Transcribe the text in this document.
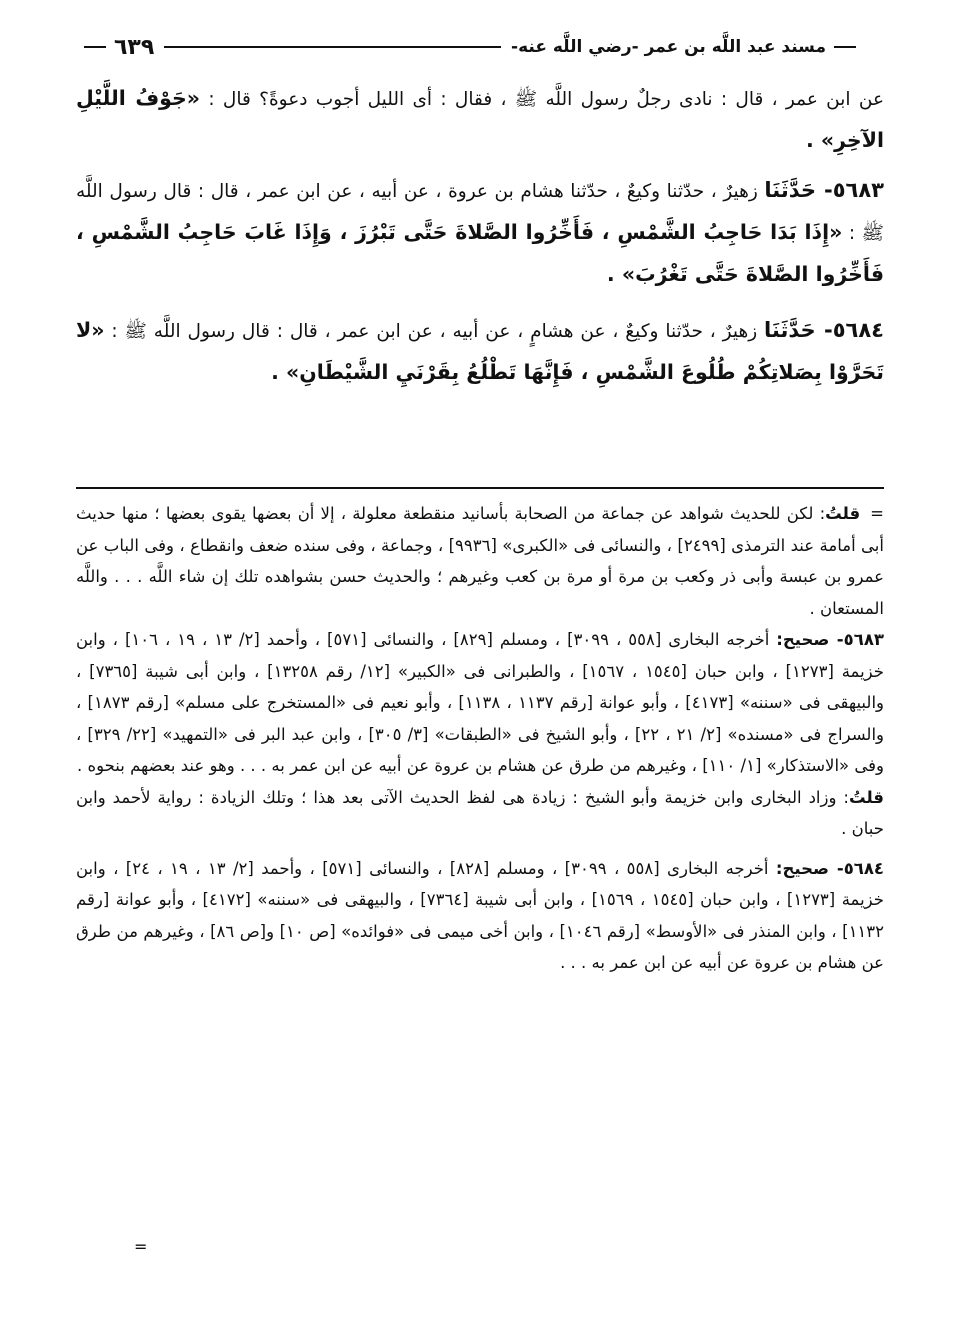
مسند عبد اللَّه بن عمر -رضي اللَّه عنه-
٦٣٩

عن ابن عمر ، قال : نادى رجلٌ رسول اللَّه ﷺ ، فقال : أى الليل أجوب دعوةً؟ قال : «جَوْفُ اللَّيْلِ الآخِرِ» .

٥٦٨٣- حَدَّثَنَا زهيرٌ ، حدّثنا وكيعٌ ، حدّثنا هشام بن عروة ، عن أبيه ، عن ابن عمر ، قال : قال رسول اللَّه ﷺ : «إِذَا بَدَا حَاجِبُ الشَّمْسِ ، فَأَخِّرُوا الصَّلاةَ حَتَّى تَبْرُزَ ، وَإِذَا غَابَ حَاجِبُ الشَّمْسِ ، فَأَخِّرُوا الصَّلاةَ حَتَّى تَغْرُبَ» .

٥٦٨٤- حَدَّثَنَا زهيرٌ ، حدّثنا وكيعٌ ، عن هشامٍ ، عن أبيه ، عن ابن عمر ، قال : قال رسول اللَّه ﷺ : «لا تَحَرَّوْا بِصَلاتِكُمْ طُلُوعَ الشَّمْسِ ، فَإِنَّهَا تَطْلُعُ بِقَرْنَيِ الشَّيْطَانِ» .

=قلتُ: لكن للحديث شواهد عن جماعة من الصحابة بأسانيد منقطعة معلولة ، إلا أن بعضها يقوى بعضها ؛ منها حديث أبى أمامة عند الترمذى [٢٤٩٩] ، والنسائى فى «الكبرى» [٩٩٣٦] ، وجماعة ، وفى سنده ضعف وانقطاع ، وفى الباب عن عمرو بن عبسة وأبى ذر وكعب بن مرة أو مرة بن كعب وغيرهم ؛ والحديث حسن بشواهده تلك إن شاء اللَّه . . . واللَّه المستعان .

٥٦٨٣- صحيح: أخرجه البخارى [٥٥٨ ، ٣٠٩٩] ، ومسلم [٨٢٩] ، والنسائى [٥٧١] ، وأحمد [٢/ ١٣ ، ١٩ ، ١٠٦] ، وابن خزيمة [١٢٧٣] ، وابن حبان [١٥٤٥ ، ١٥٦٧] ، والطبرانى فى «الكبير» [١٢/ رقم ١٣٢٥٨] ، وابن أبى شيبة [٧٣٦٥] ، والبيهقى فى «سننه» [٤١٧٣] ، وأبو عوانة [رقم ١١٣٧ ، ١١٣٨] ، وأبو نعيم فى «المستخرج على مسلم» [رقم ١٨٧٣] ، والسراج فى «مسنده» [٢/ ٢١ ، ٢٢] ، وأبو الشيخ فى «الطبقات» [٣/ ٣٠٥] ، وابن عبد البر فى «التمهيد» [٢٢/ ٣٢٩] ، وفى «الاستذكار» [١/ ١١٠] ، وغيرهم من طرق عن هشام بن عروة عن أبيه عن ابن عمر به . . . وهو عند بعضهم بنحوه .

قلتُ: وزاد البخارى وابن خزيمة وأبو الشيخ : زيادة هى لفظ الحديث الآتى بعد هذا ؛ وتلك الزيادة : رواية لأحمد وابن حبان .

٥٦٨٤- صحيح: أخرجه البخارى [٥٥٨ ، ٣٠٩٩] ، ومسلم [٨٢٨] ، والنسائى [٥٧١] ، وأحمد [٢/ ١٣ ، ١٩ ، ٢٤] ، وابن خزيمة [١٢٧٣] ، وابن حبان [١٥٤٥ ، ١٥٦٩] ، وابن أبى شيبة [٧٣٦٤] ، والبيهقى فى «سننه» [٤١٧٢] ، وأبو عوانة [رقم ١١٣٢] ، وابن المنذر فى «الأوسط» [رقم ١٠٤٦] ، وابن أخى ميمى فى «فوائده» [ص ١٠] و[ص ٨٦] ، وغيرهم من طرق عن هشام بن عروة عن أبيه عن ابن عمر به . . .

=
